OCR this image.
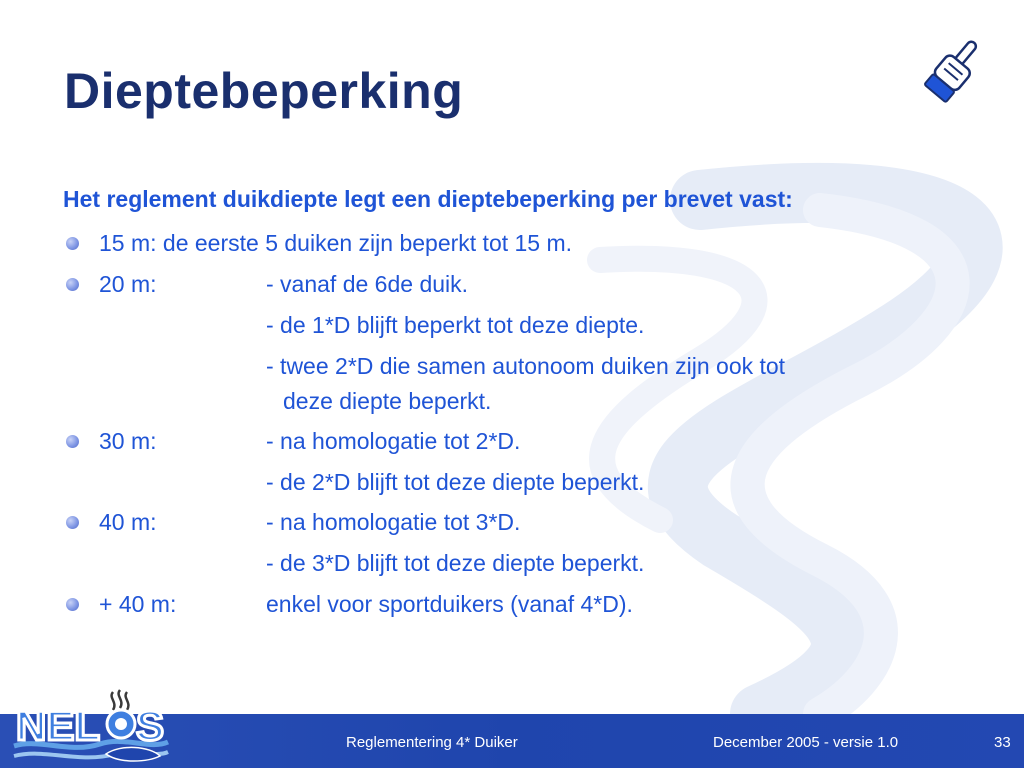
Dieptebeperking
Het reglement duikdiepte legt een dieptebeperking per brevet vast:
15 m: de eerste 5 duiken zijn beperkt tot 15 m.
20 m:	- vanaf de 6de duik.
- de 1*D blijft beperkt tot deze diepte.
- twee 2*D die samen autonoom duiken zijn ook tot
deze diepte beperkt.
30 m:	- na homologatie tot 2*D.
- de 2*D blijft tot deze diepte beperkt.
40 m:	- na homologatie tot 3*D.
- de 3*D blijft tot deze diepte beperkt.
+ 40 m:	enkel voor sportduikers (vanaf 4*D).
Reglementering 4* Duiker	December 2005 - versie 1.0	33
NEL S
